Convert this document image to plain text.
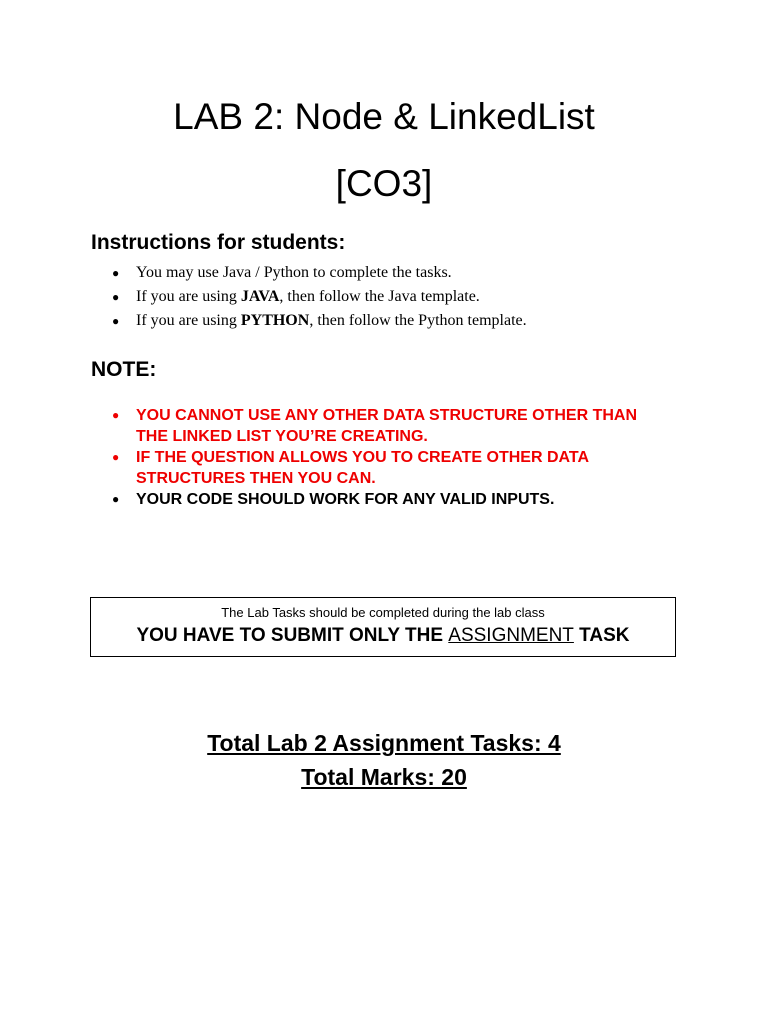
LAB 2: Node & LinkedList
[CO3]
Instructions for students:
● You may use Java / Python to complete the tasks.
● If you are using JAVA, then follow the Java template.
● If you are using PYTHON, then follow the Python template.
NOTE:
● YOU CANNOT USE ANY OTHER DATA STRUCTURE OTHER THAN THE LINKED LIST YOU’RE CREATING.
● IF THE QUESTION ALLOWS YOU TO CREATE OTHER DATA STRUCTURES THEN YOU CAN.
● YOUR CODE SHOULD WORK FOR ANY VALID INPUTS.
The Lab Tasks should be completed during the lab class
YOU HAVE TO SUBMIT ONLY THE ASSIGNMENT TASK
Total Lab 2 Assignment Tasks: 4
Total Marks: 20
